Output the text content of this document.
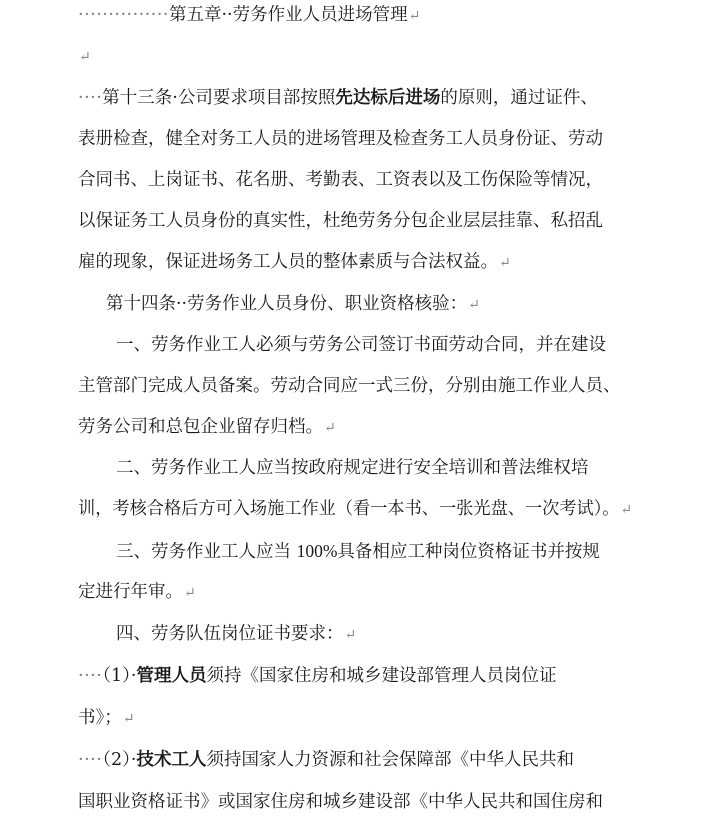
···············第五章··劳务作业人员进场管理↵
↵
····第十三条·公司要求项目部按照先达标后进场的原则，通过证件、
表册检查，健全对务工人员的进场管理及检查务工人员身份证、劳动
合同书、上岗证书、花名册、考勤表、工资表以及工伤保险等情况，
以保证务工人员身份的真实性，杜绝劳务分包企业层层挂靠、私招乱
雇的现象，保证进场务工人员的整体素质与合法权益。↵
第十四条··劳务作业人员身份、职业资格核验：↵
一、劳务作业工人必须与劳务公司签订书面劳动合同，并在建设
主管部门完成人员备案。劳动合同应一式三份，分别由施工作业人员、
劳务公司和总包企业留存归档。↵
二、劳务作业工人应当按政府规定进行安全培训和普法维权培
训，考核合格后方可入场施工作业（看一本书、一张光盘、一次考试）。↵
三、劳务作业工人应当 100%具备相应工种岗位资格证书并按规
定进行年审。↵
四、劳务队伍岗位证书要求：↵
····（1）·管理人员须持《国家住房和城乡建设部管理人员岗位证
书》；↵
····（2）·技术工人须持国家人力资源和社会保障部《中华人民共和
国职业资格证书》或国家住房和城乡建设部《中华人民共和国住房和
